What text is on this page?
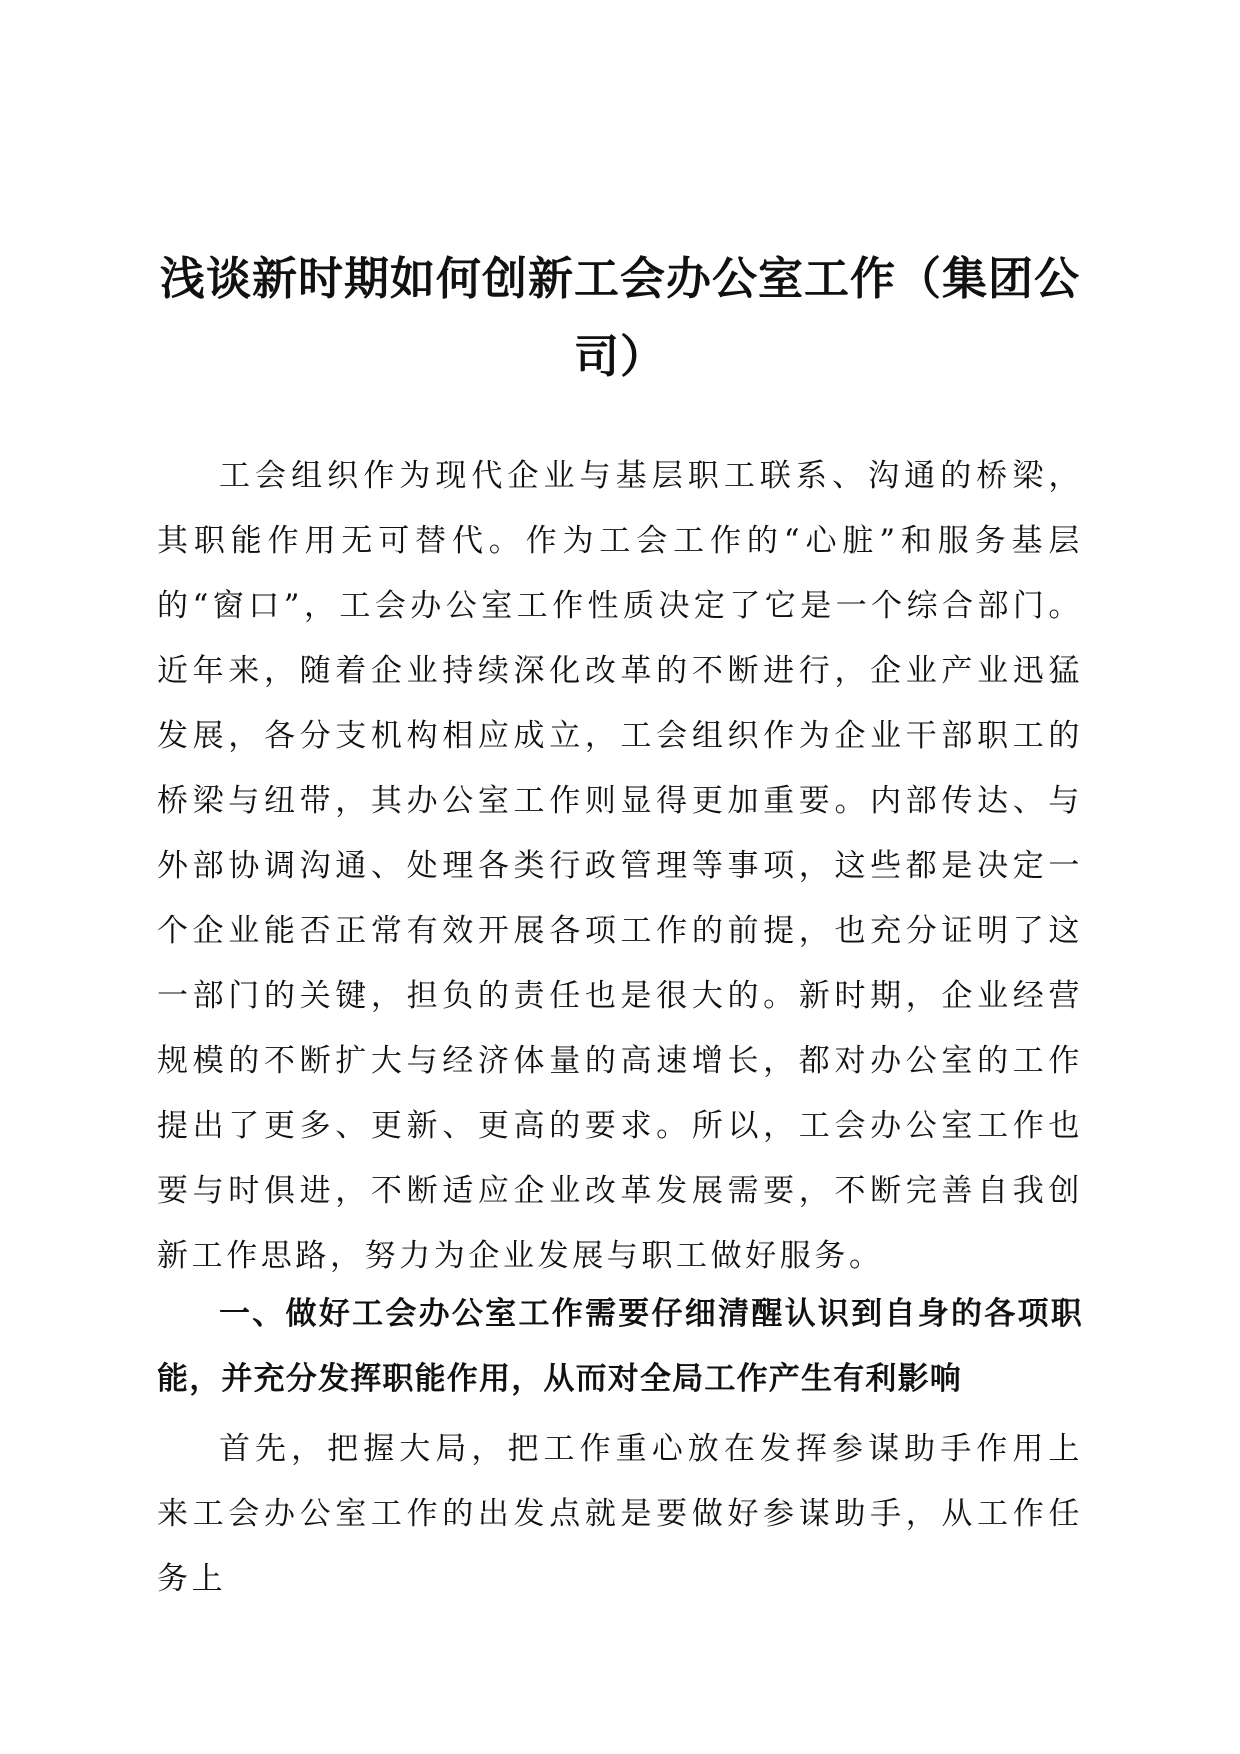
浅谈新时期如何创新工会办公室工作（集团公司）

工会组织作为现代企业与基层职工联系、沟通的桥梁，其职能作用无可替代。作为工会工作的“心脏”和服务基层的“窗口”，工会办公室工作性质决定了它是一个综合部门。近年来，随着企业持续深化改革的不断进行，企业产业迅猛发展，各分支机构相应成立，工会组织作为企业干部职工的桥梁与纽带，其办公室工作则显得更加重要。内部传达、与外部协调沟通、处理各类行政管理等事项，这些都是决定一个企业能否正常有效开展各项工作的前提，也充分证明了这一部门的关键，担负的责任也是很大的。新时期，企业经营规模的不断扩大与经济体量的高速增长，都对办公室的工作提出了更多、更新、更高的要求。所以，工会办公室工作也要与时俱进，不断适应企业改革发展需要，不断完善自我创新工作思路，努力为企业发展与职工做好服务。

一、做好工会办公室工作需要仔细清醒认识到自身的各项职能，并充分发挥职能作用，从而对全局工作产生有利影响

首先，把握大局，把工作重心放在发挥参谋助手作用上来工会办公室工作的出发点就是要做好参谋助手，从工作任务上
